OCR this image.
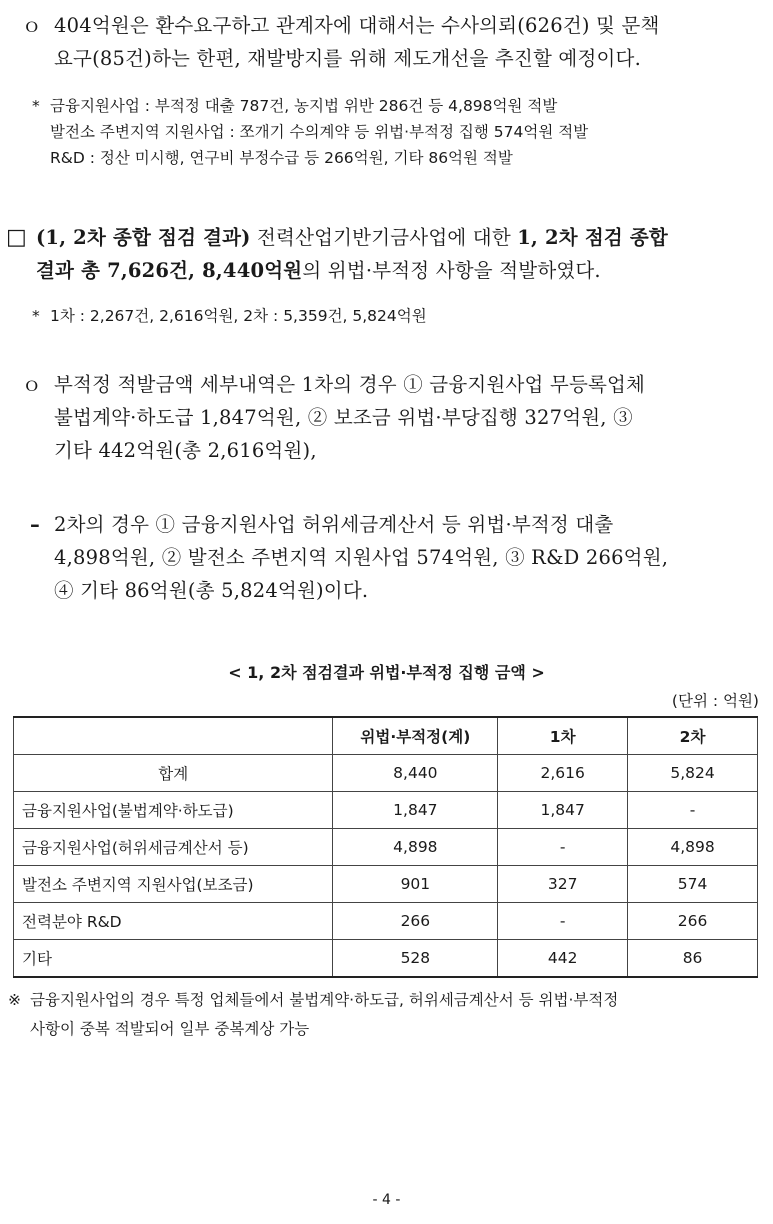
ｏ 404억원은 환수요구하고 관계자에 대해서는 수사의뢰(626건) 및 문책
요구(85건)하는 한편, 재발방지를 위해 제도개선을 추진할 예정이다.
* 금융지원사업 : 부적정 대출 787건, 농지법 위반 286건 등 4,898억원 적발
발전소 주변지역 지원사업 : 쪼개기 수의계약 등 위법·부적정 집행 574억원 적발
R&D : 정산 미시행, 연구비 부정수급 등 266억원, 기타 86억원 적발
□ (1, 2차 종합 점검 결과) 전력산업기반기금사업에 대한 1, 2차 점검 종합
결과 총 7,626건, 8,440억원의 위법·부적정 사항을 적발하였다.
* 1차 : 2,267건, 2,616억원, 2차 : 5,359건, 5,824억원
ｏ 부적정 적발금액 세부내역은 1차의 경우 ① 금융지원사업 무등록업체
불법계약·하도급 1,847억원, ② 보조금 위법·부당집행 327억원, ③
기타 442억원(총 2,616억원),
– 2차의 경우 ① 금융지원사업 허위세금계산서 등 위법·부적정 대출
4,898억원, ② 발전소 주변지역 지원사업 574억원, ③ R&D 266억원,
④ 기타 86억원(총 5,824억원)이다.
< 1, 2차 점검결과 위법·부적정 집행 금액 >
(단위 : 억원)
	위법·부적정(계)	1차	2차
합계	8,440	2,616	5,824
금융지원사업(불법계약·하도급)	1,847	1,847	-
금융지원사업(허위세금계산서 등)	4,898	-	4,898
발전소 주변지역 지원사업(보조금)	901	327	574
전력분야 R&D	266	-	266
기타	528	442	86
※ 금융지원사업의 경우 특정 업체들에서 불법계약·하도급, 허위세금계산서 등 위법·부적정
사항이 중복 적발되어 일부 중복계상 가능
- 4 -
